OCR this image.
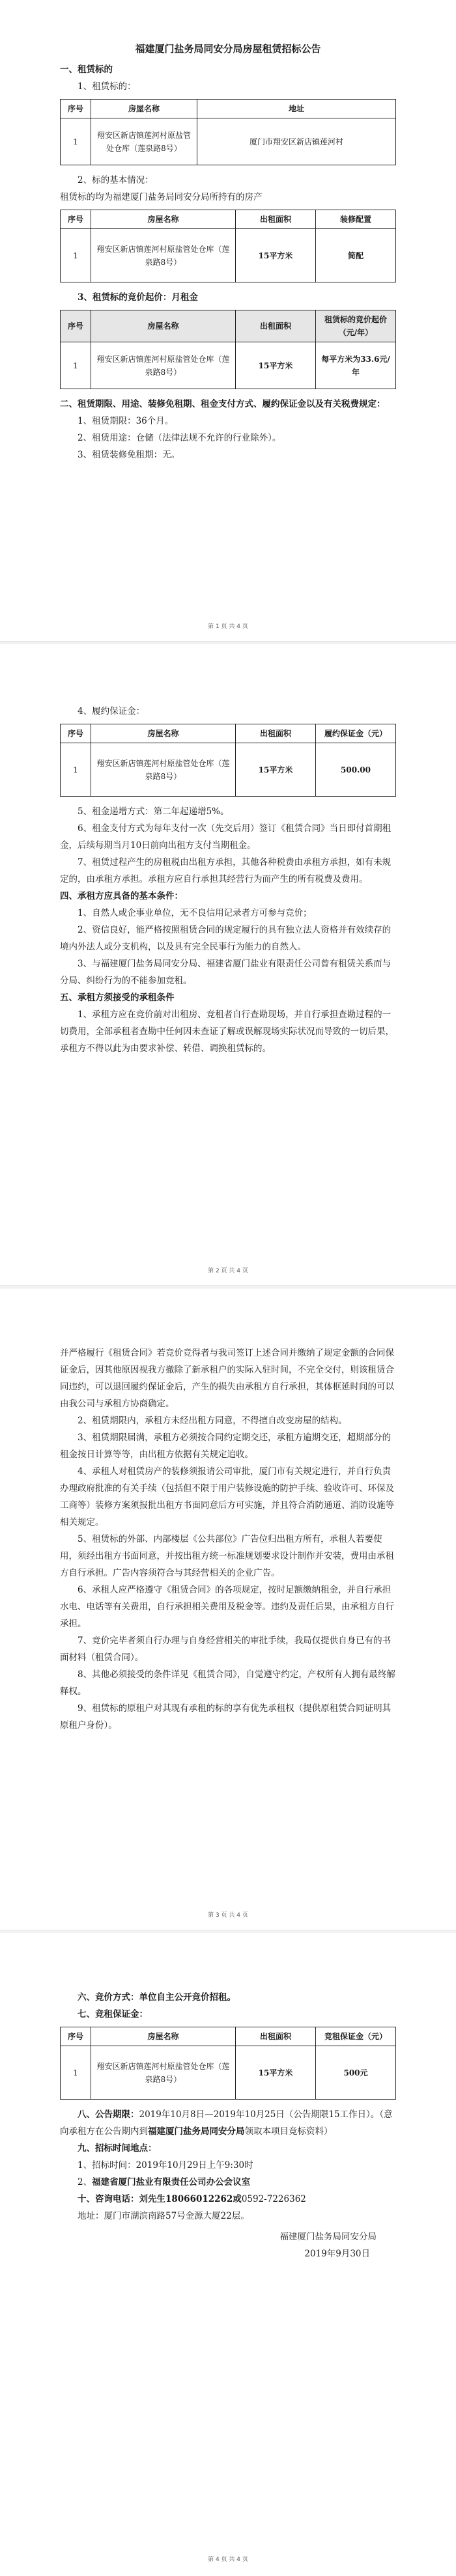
福建厦门盐务局同安分局房屋租赁招标公告

一、租赁标的

1、租赁标的：

序号	房屋名称	地址
1	翔安区新店镇莲河村原盐管处仓库（莲泉路8号）	厦门市翔安区新店镇莲河村

2、标的基本情况：

租赁标的均为福建厦门盐务局同安分局所持有的房产

序号	房屋名称	出租面积	装修配置
1	翔安区新店镇莲河村原盐管处仓库（莲泉路8号）	15平方米	简配

3、租赁标的竞价起价：月租金

序号	房屋名称	出租面积	租赁标的竞价起价（元/年）
1	翔安区新店镇莲河村原盐管处仓库（莲泉路8号）	15平方米	每平方米为33.6元/年

二、租赁期限、用途、装修免租期、租金支付方式、履约保证金以及有关税费规定：

1、租赁期限：36个月。

2、租赁用途：仓储（法律法规不允许的行业除外）。

3、租赁装修免租期：无。

第 1 页 共 4 页

4、履约保证金：

序号	房屋名称	出租面积	履约保证金（元）
1	翔安区新店镇莲河村原盐管处仓库（莲泉路8号）	15平方米	500.00

5、租金递增方式：第二年起递增5%。

6、租金支付方式为每年支付一次（先交后用）签订《租赁合同》当日即付首期租金，后续每期当月10日前向出租方支付当期租金。

7、租赁过程产生的房租税由出租方承担，其他各种税费由承租方承担，如有未规定的，由承租方承担。承租方应自行承担其经营行为而产生的所有税费及费用。

四、承租方应具备的基本条件：

1、自然人或企事业单位，无不良信用记录者方可参与竞价；

2、资信良好，能严格按照租赁合同的规定履行的具有独立法人资格并有效续存的境内外法人或分支机构，以及具有完全民事行为能力的自然人。

3、与福建厦门盐务局同安分局、福建省厦门盐业有限责任公司曾有租赁关系而与分局、纠纷行为的不能参加竞租。

五、承租方须接受的承租条件

1、承租方应在竞价前对出租房、竞租者自行查勘现场，并自行承担查勘过程的一切费用，全部承租者查勘中任何因未查证了解或误解现场实际状况而导致的一切后果，承租方不得以此为由要求补偿、转借、调换租赁标的。

第 2 页 共 4 页

并严格履行《租赁合同》若竞价竞得者与我司签订上述合同并缴纳了规定金额的合同保证金后，因其他原因视我方撤除了新承租户的实际入驻时间，不完全交付，则该租赁合同违约，可以退回履约保证金后，产生的损失由承租方自行承担，其体框延时间的可以由我公司与承租方协商确定。

2、租赁期限内，承租方未经出租方同意，不得擅自改变房屋的结构。

3、租赁期限届满，承租方必须按合同约定期交还，承租方逾期交还，超期部分的租金按日计算等等，由出租方依据有关规定追收。

4、承租人对租赁房产的装修须报请公司审批，厦门市有关规定进行，并自行负责办理政府批准的有关手续（包括但不限于用户装修设施的防护手续、验收许可、环保及工商等）装修方案须报批出租方书面同意后方可实施，并且符合消防通道、消防设施等相关规定。

5、租赁标的外部、内部楼层《公共部位》广告位归出租方所有，承租人若要使用，须经出租方书面同意，并按出租方统一标准规划要求设计制作并安装，费用由承租方自行承担。广告内容须符合与其经营相关的企业广告。

6、承租人应严格遵守《租赁合同》的各项规定，按时足额缴纳租金，并自行承担水电、电话等有关费用，自行承担相关费用及税金等。违约及责任后果，由承租方自行承担。

7、竞价完毕者须自行办理与自身经营相关的审批手续，我局仅提供自身已有的书面材料（租赁合同）。

8、其他必须接受的条件详见《租赁合同》，自觉遵守约定，产权所有人拥有最终解释权。

9、租赁标的原租户对其现有承租的标的享有优先承租权（提供原租赁合同证明其原租户身份）。

第 3 页 共 4 页

六、竞价方式：单位自主公开竞价招租。

七、竞租保证金：

序号	房屋名称	出租面积	竞租保证金（元）
1	翔安区新店镇莲河村原盐管处仓库（莲泉路8号）	15平方米	500元

八、公告期限：2019年10月8日—2019年10月25日（公告期限15工作日）。（意向承租方在公告期内到福建厦门盐务局同安分局领取本项目竞标资料）

九、招标时间地点：

1、招标时间：2019年10月29日上午9:30时

2、福建省厦门盐业有限责任公司办公会议室

十、咨询电话：刘先生18066012262或0592-7226362

地址：厦门市湖滨南路57号金源大厦22层。

福建厦门盐务局同安分局

2019年9月30日

第 4 页 共 4 页
